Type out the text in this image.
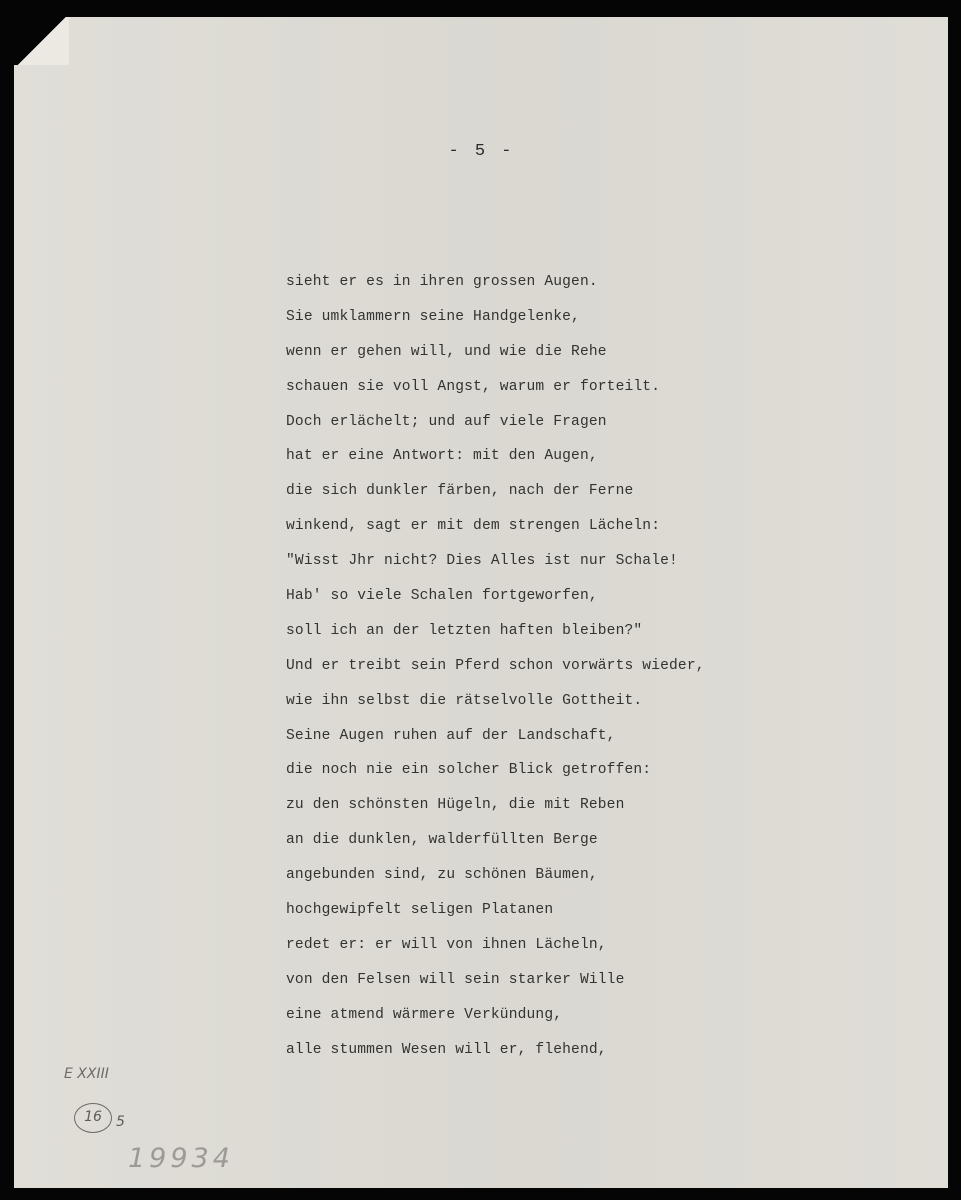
- 5 -
sieht er es in ihren grossen Augen.
Sie umklammern seine Handgelenke,
wenn er gehen will, und wie die Rehe
schauen sie voll Angst, warum er forteilt.
Doch erlächelt; und auf viele Fragen
hat er eine Antwort: mit den Augen,
die sich dunkler färben, nach der Ferne
winkend, sagt er mit dem strengen Lächeln:
"Wisst Jhr nicht? Dies Alles ist nur Schale!
Hab' so viele Schalen fortgeworfen,
soll ich an der letzten haften bleiben?"
Und er treibt sein Pferd schon vorwärts wieder,
wie ihn selbst die rätselvolle Gottheit.
Seine Augen ruhen auf der Landschaft,
die noch nie ein solcher Blick getroffen:
zu den schönsten Hügeln, die mit Reben
an die dunklen, walderfüllten Berge
angebunden sind, zu schönen Bäumen,
hochgewipfelt seligen Platanen
redet er: er will von ihnen Lächeln,
von den Felsen will sein starker Wille
eine atmend wärmere Verkündung,
alle stummen Wesen will er, flehend,
E XXIII
16	5
19934
